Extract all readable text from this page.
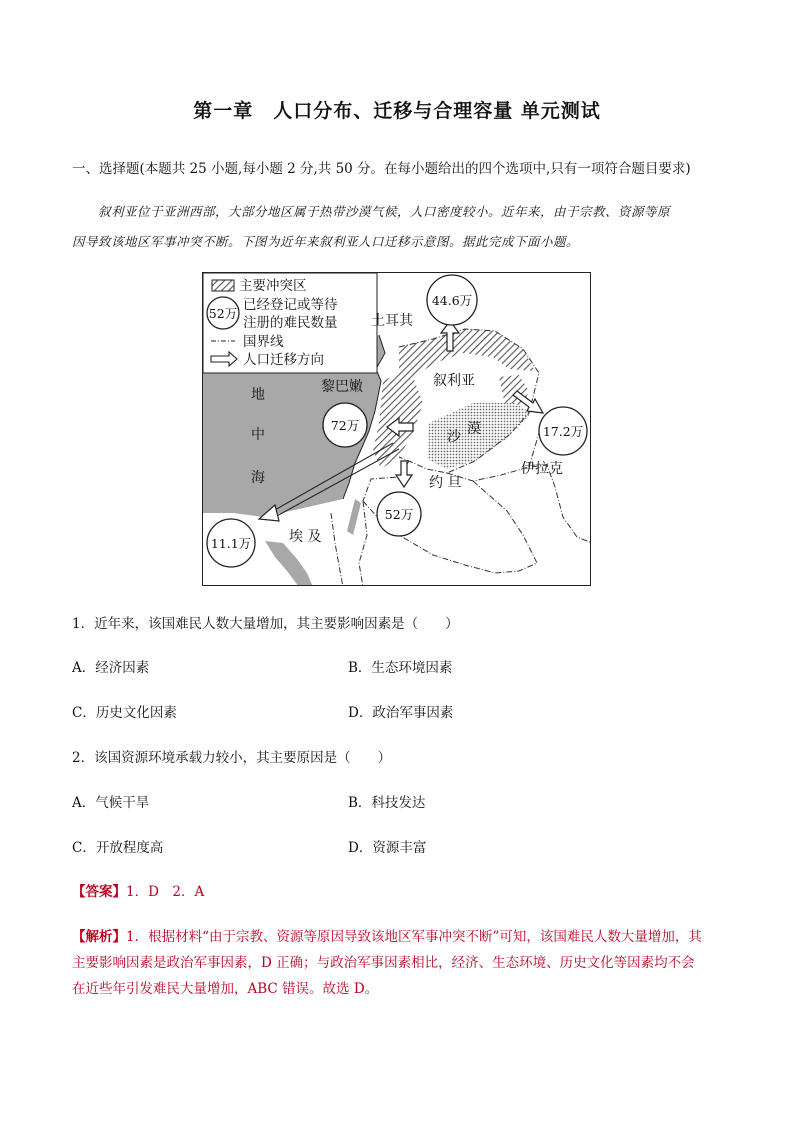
第一章　人口分布、迁移与合理容量 单元测试
一、选择题(本题共 25 小题,每小题 2 分,共 50 分。在每小题给出的四个选项中,只有一项符合题目要求)
叙利亚位于亚洲西部，大部分地区属于热带沙漠气候，人口密度较小。近年来，由于宗教、资源等原
因导致该地区军事冲突不断。下图为近年来叙利亚人口迁移示意图。据此完成下面小题。
主要冲突区
52万
已经登记或等待
注册的难民数量
国界线
人口迁移方向
土耳其
叙利亚
黎巴嫩
地
中
海
沙 漠
约 旦
伊拉克
埃 及
44.6万
72万	17.2万
52万
11.1万
1．近年来，该国难民人数大量增加，其主要影响因素是（　　）
A．经济因素	B．生态环境因素
C．历史文化因素	D．政治军事因素
2．该国资源环境承载力较小，其主要原因是（　　）
A．气候干旱	B．科技发达
C．开放程度高	D．资源丰富
【答案】1．D　2．A
【解析】1．根据材料“由于宗教、资源等原因导致该地区军事冲突不断”可知，该国难民人数大量增加，其
主要影响因素是政治军事因素，D 正确；与政治军事因素相比，经济、生态环境、历史文化等因素均不会
在近些年引发难民大量增加，ABC 错误。故选 D。
